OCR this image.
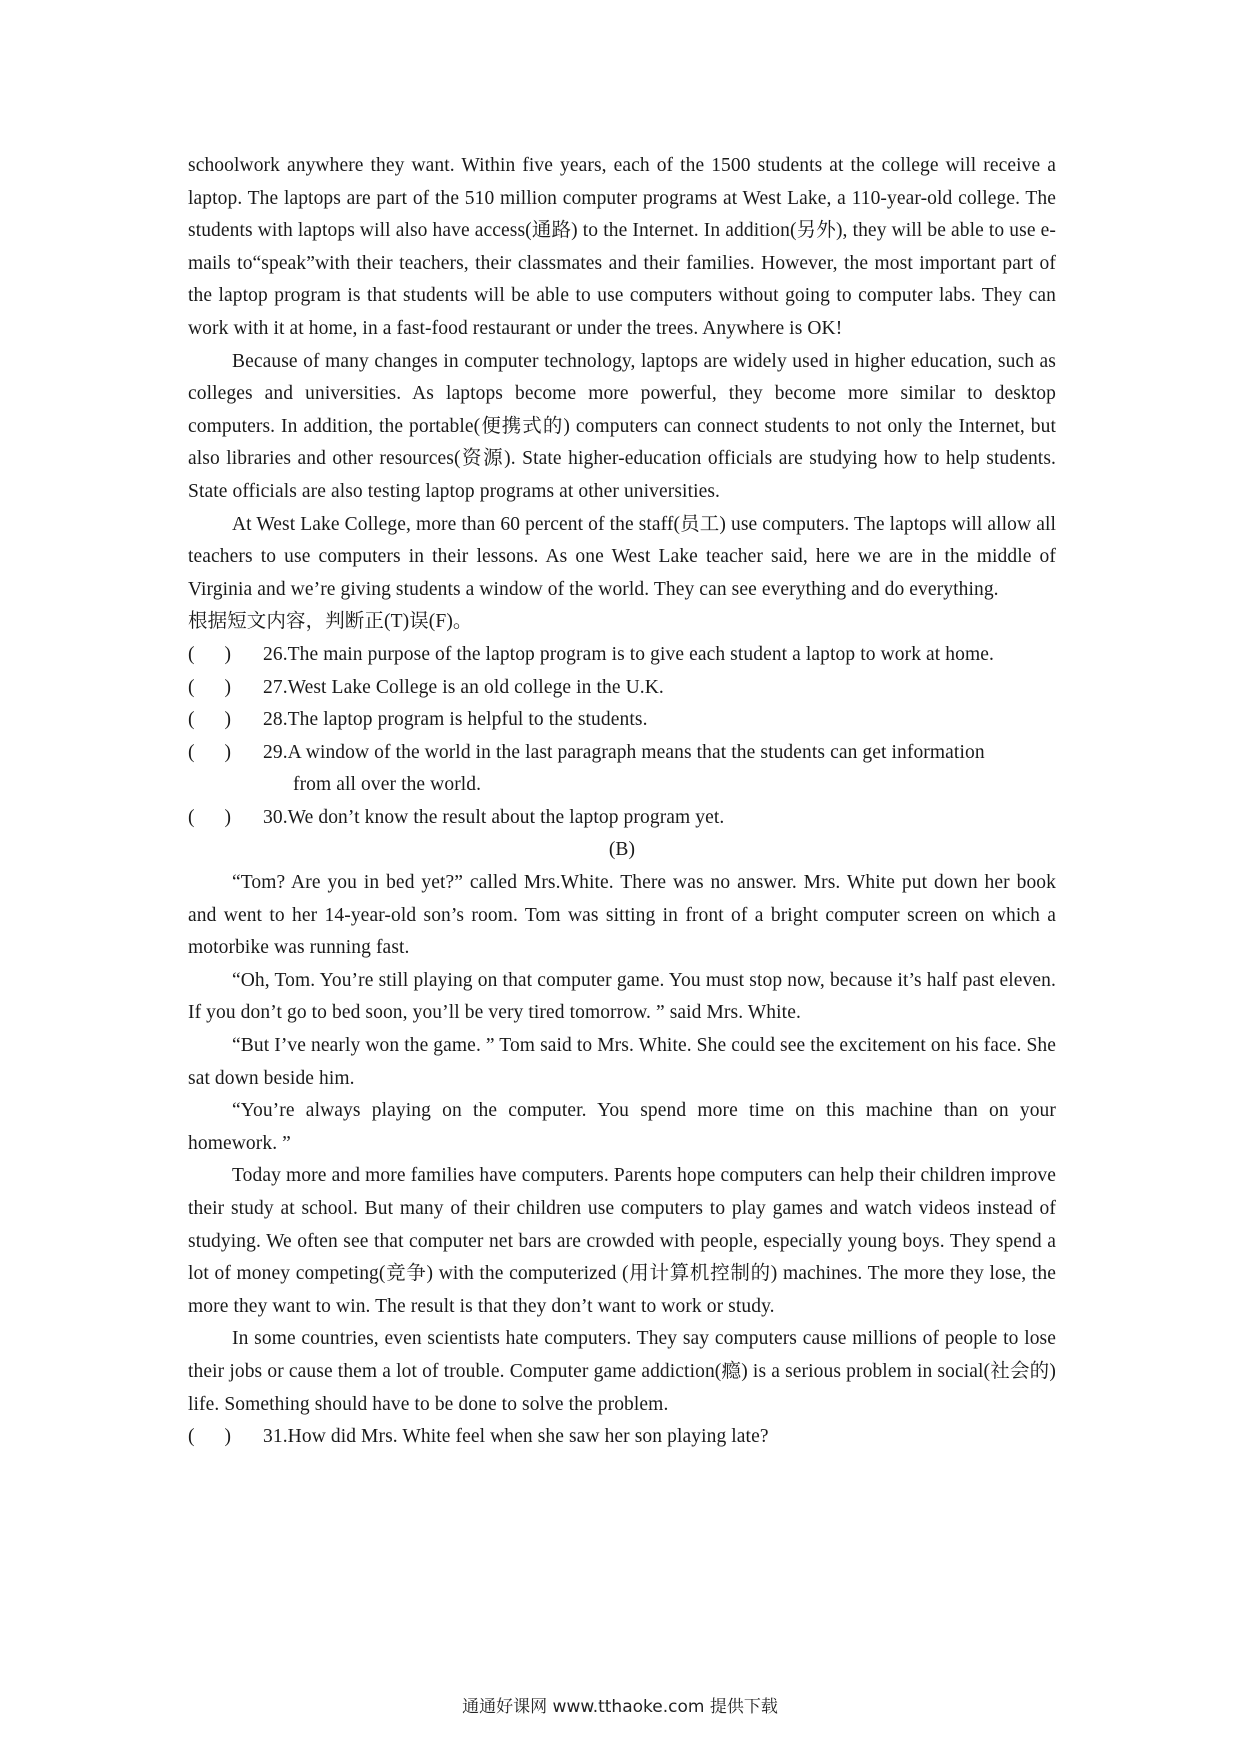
schoolwork anywhere they want. Within five years, each of the 1500 students at the college will receive a laptop. The laptops are part of the 510 million computer programs at West Lake, a 110-year-old college. The students with laptops will also have access(通路) to the Internet. In addition(另外), they will be able to use e-mails to“speak”with their teachers, their classmates and their families. However, the most important part of the laptop program is that students will be able to use computers without going to computer labs. They can work with it at home, in a fast-food restaurant or under the trees. Anywhere is OK!

Because of many changes in computer technology, laptops are widely used in higher education, such as colleges and universities. As laptops become more powerful, they become more similar to desktop computers. In addition, the portable(便携式的) computers can connect students to not only the Internet, but also libraries and other resources(资源). State higher-education officials are studying how to help students. State officials are also testing laptop programs at other universities.

At West Lake College, more than 60 percent of the staff(员工) use computers. The laptops will allow all teachers to use computers in their lessons. As one West Lake teacher said, here we are in the middle of Virginia and we’re giving students a window of the world. They can see everything and do everything.

根据短文内容，判断正(T)误(F)。

(      )	26.The main purpose of the laptop program is to give each student a laptop to work at home.
(      )	27.West Lake College is an old college in the U.K.
(      )	28.The laptop program is helpful to the students.
(      )	29.A window of the world in the last paragraph means that the students can get information
from all over the world.
(      )	30.We don’t know the result about the laptop program yet.

(B)

“Tom? Are you in bed yet?” called Mrs.White. There was no answer. Mrs. White put down her book and went to her 14-year-old son’s room. Tom was sitting in front of a bright computer screen on which a motorbike was running fast.

“Oh, Tom. You’re still playing on that computer game. You must stop now, because it’s half past eleven. If you don’t go to bed soon, you’ll be very tired tomorrow. ” said Mrs. White.

“But I’ve nearly won the game. ” Tom said to Mrs. White. She could see the excitement on his face. She sat down beside him.

“You’re always playing on the computer. You spend more time on this machine than on your homework. ”

Today more and more families have computers. Parents hope computers can help their children improve their study at school. But many of their children use computers to play games and watch videos instead of studying. We often see that computer net bars are crowded with people, especially young boys. They spend a lot of money competing(竞争) with the computerized (用计算机控制的) machines. The more they lose, the more they want to win. The result is that they don’t want to work or study.

In some countries, even scientists hate computers. They say computers cause millions of people to lose their jobs or cause them a lot of trouble. Computer game addiction(瘾) is a serious problem in social(社会的) life. Something should have to be done to solve the problem.

(      )	31.How did Mrs. White feel when she saw her son playing late?
通通好课网 www.tthaoke.com 提供下载
